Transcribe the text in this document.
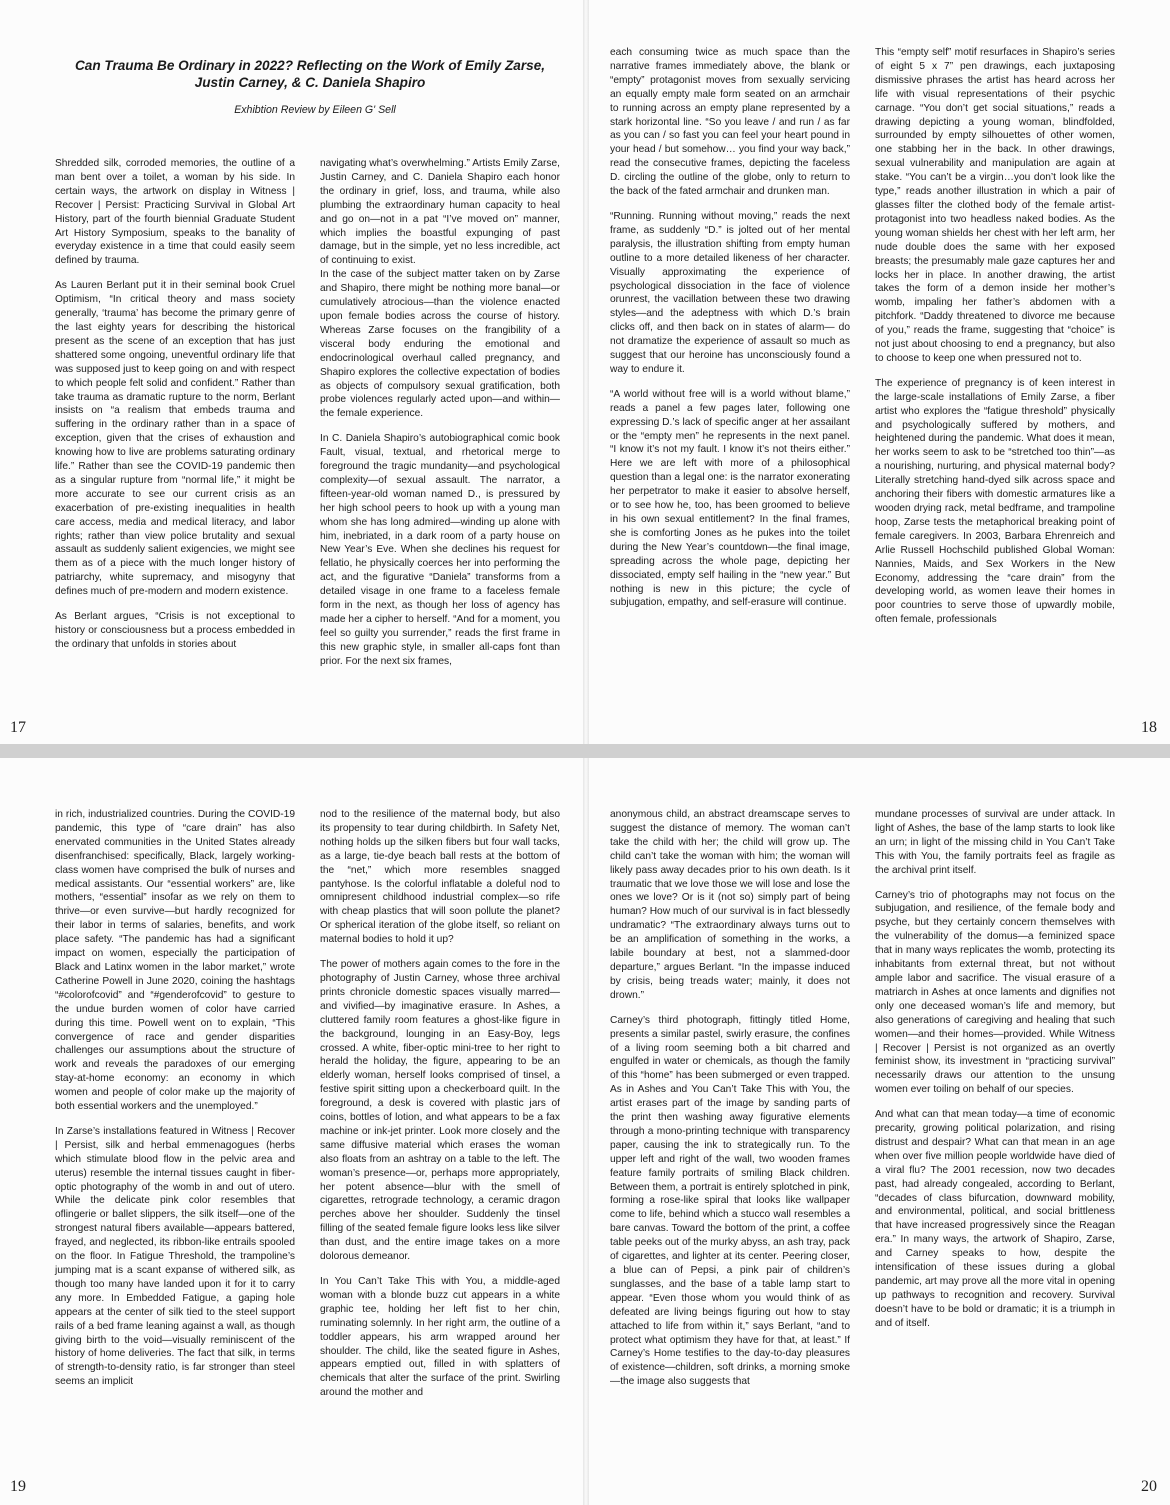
Can Trauma Be Ordinary in 2022? Reflecting on the Work of Emily Zarse, Justin Carney, & C. Daniela Shapiro
Exhibtion Review by Eileen G' Sell

Shredded silk, corroded memories, the outline of a man bent over a toilet, a woman by his side. In certain ways, the artwork on display in Witness | Recover | Persist: Practicing Survival in Global Art History, part of the fourth biennial Graduate Student Art History Symposium, speaks to the banality of everyday existence in a time that could easily seem defined by trauma.

As Lauren Berlant put it in their seminal book Cruel Optimism, “In critical theory and mass society generally, ‘trauma’ has become the primary genre of the last eighty years for describing the historical present as the scene of an exception that has just shattered some ongoing, uneventful ordinary life that was supposed just to keep going on and with respect to which people felt solid and confident.” Rather than take trauma as dramatic rupture to the norm, Berlant insists on “a realism that embeds trauma and suffering in the ordinary rather than in a space of exception, given that the crises of exhaustion and knowing how to live are problems saturating ordinary life.” Rather than see the COVID-19 pandemic then as a singular rupture from “normal life,” it might be more accurate to see our current crisis as an exacerbation of pre-existing inequalities in health care access, media and medical literacy, and labor rights; rather than view police brutality and sexual assault as suddenly salient exigencies, we might see them as of a piece with the much longer history of patriarchy, white supremacy, and misogyny that defines much of pre-modern and modern existence.

As Berlant argues, “Crisis is not exceptional to history or consciousness but a process embedded in the ordinary that unfolds in stories about

navigating what’s overwhelming.” Artists Emily Zarse, Justin Carney, and C. Daniela Shapiro each honor the ordinary in grief, loss, and trauma, while also plumbing the extraordinary human capacity to heal and go on—not in a pat “I’ve moved on” manner, which implies the boastful expunging of past damage, but in the simple, yet no less incredible, act of continuing to exist.
In the case of the subject matter taken on by Zarse and Shapiro, there might be nothing more banal—or cumulatively atrocious—than the violence enacted upon female bodies across the course of history. Whereas Zarse focuses on the frangibility of a visceral body enduring the emotional and endocrinological overhaul called pregnancy, and Shapiro explores the collective expectation of bodies as objects of compulsory sexual gratification, both probe violences regularly acted upon—and within—the female experience.

In C. Daniela Shapiro’s autobiographical comic book Fault, visual, textual, and rhetorical merge to foreground the tragic mundanity—and psychological complexity—of sexual assault. The narrator, a fifteen-year-old woman named D., is pressured by her high school peers to hook up with a young man whom she has long admired—winding up alone with him, inebriated, in a dark room of a party house on New Year’s Eve. When she declines his request for fellatio, he physically coerces her into performing the act, and the figurative “Daniela” transforms from a detailed visage in one frame to a faceless female form in the next, as though her loss of agency has made her a cipher to herself. “And for a moment, you feel so guilty you surrender,” reads the first frame in this new graphic style, in smaller all-caps font than prior. For the next six frames,

each consuming twice as much space than the narrative frames immediately above, the blank or “empty” protagonist moves from sexually servicing an equally empty male form seated on an armchair to running across an empty plane represented by a stark horizontal line. “So you leave / and run / as far as you can / so fast you can feel your heart pound in your head / but somehow… you find your way back,” read the consecutive frames, depicting the faceless D. circling the outline of the globe, only to return to the back of the fated armchair and drunken man.

“Running. Running without moving,” reads the next frame, as suddenly “D.” is jolted out of her mental paralysis, the illustration shifting from empty human outline to a more detailed likeness of her character. Visually approximating the experience of psychological dissociation in the face of violence orunrest, the vacillation between these two drawing styles—and the adeptness with which D.’s brain clicks off, and then back on in states of alarm— do not dramatize the experience of assault so much as suggest that our heroine has unconsciously found a way to endure it.

“A world without free will is a world without blame,” reads a panel a few pages later, following one expressing D.’s lack of specific anger at her assailant or the “empty men” he represents in the next panel. “I know it’s not my fault. I know it’s not theirs either.” Here we are left with more of a philosophical question than a legal one: is the narrator exonerating her perpetrator to make it easier to absolve herself, or to see how he, too, has been groomed to believe in his own sexual entitlement? In the final frames, she is comforting Jones as he pukes into the toilet during the New Year’s countdown—the final image, spreading across the whole page, depicting her dissociated, empty self hailing in the “new year.” But nothing is new in this picture; the cycle of subjugation, empathy, and self-erasure will continue.

This “empty self” motif resurfaces in Shapiro’s series of eight 5 x 7” pen drawings, each juxtaposing dismissive phrases the artist has heard across her life with visual representations of their psychic carnage. “You don’t get social situations,” reads a drawing depicting a young woman, blindfolded, surrounded by empty silhouettes of other women, one stabbing her in the back. In other drawings, sexual vulnerability and manipulation are again at stake. “You can’t be a virgin…you don’t look like the type,” reads another illustration in which a pair of glasses filter the clothed body of the female artist-protagonist into two headless naked bodies. As the young woman shields her chest with her left arm, her nude double does the same with her exposed breasts; the presumably male gaze captures her and locks her in place. In another drawing, the artist takes the form of a demon inside her mother’s womb, impaling her father’s abdomen with a pitchfork. “Daddy threatened to divorce me because of you,” reads the frame, suggesting that “choice” is not just about choosing to end a pregnancy, but also to choose to keep one when pressured not to.

The experience of pregnancy is of keen interest in the large-scale installations of Emily Zarse, a fiber artist who explores the “fatigue threshold” physically and psychologically suffered by mothers, and heightened during the pandemic. What does it mean, her works seem to ask to be “stretched too thin”—as a nourishing, nurturing, and physical maternal body? Literally stretching hand-dyed silk across space and anchoring their fibers with domestic armatures like a wooden drying rack, metal bedframe, and trampoline hoop, Zarse tests the metaphorical breaking point of female caregivers. In 2003, Barbara Ehrenreich and Arlie Russell Hochschild published Global Woman: Nannies, Maids, and Sex Workers in the New Economy, addressing the “care drain” from the developing world, as women leave their homes in poor countries to serve those of upwardly mobile, often female, professionals

17	18

in rich, industrialized countries. During the COVID-19 pandemic, this type of “care drain” has also enervated communities in the United States already disenfranchised: specifically, Black, largely working-class women have comprised the bulk of nurses and medical assistants. Our “essential workers” are, like mothers, “essential” insofar as we rely on them to thrive—or even survive—but hardly recognized for their labor in terms of salaries, benefits, and work place safety. “The pandemic has had a significant impact on women, especially the participation of Black and Latinx women in the labor market,” wrote Catherine Powell in June 2020, coining the hashtags “#colorofcovid” and “#genderofcovid” to gesture to the undue burden women of color have carried during this time. Powell went on to explain, “This convergence of race and gender disparities challenges our assumptions about the structure of work and reveals the paradoxes of our emerging stay-at-home economy: an economy in which women and people of color make up the majority of both essential workers and the unemployed.”

In Zarse’s installations featured in Witness | Recover | Persist, silk and herbal emmenagogues (herbs which stimulate blood flow in the pelvic area and uterus) resemble the internal tissues caught in fiber-optic photography of the womb in and out of utero. While the delicate pink color resembles that oflingerie or ballet slippers, the silk itself—one of the strongest natural fibers available—appears battered, frayed, and neglected, its ribbon-like entrails spooled on the floor. In Fatigue Threshold, the trampoline’s jumping mat is a scant expanse of withered silk, as though too many have landed upon it for it to carry any more. In Embedded Fatigue, a gaping hole appears at the center of silk tied to the steel support rails of a bed frame leaning against a wall, as though giving birth to the void—visually reminiscent of the history of home deliveries. The fact that silk, in terms of strength-to-density ratio, is far stronger than steel seems an implicit

nod to the resilience of the maternal body, but also its propensity to tear during childbirth. In Safety Net, nothing holds up the silken fibers but four wall tacks, as a large, tie-dye beach ball rests at the bottom of the “net,” which more resembles snagged pantyhose. Is the colorful inflatable a doleful nod to omnipresent childhood industrial complex—so rife with cheap plastics that will soon pollute the planet? Or spherical iteration of the globe itself, so reliant on maternal bodies to hold it up?

The power of mothers again comes to the fore in the photography of Justin Carney, whose three archival prints chronicle domestic spaces visually marred—and vivified—by imaginative erasure. In Ashes, a cluttered family room features a ghost-like figure in the background, lounging in an Easy-Boy, legs crossed. A white, fiber-optic mini-tree to her right to herald the holiday, the figure, appearing to be an elderly woman, herself looks comprised of tinsel, a festive spirit sitting upon a checkerboard quilt. In the foreground, a desk is covered with plastic jars of coins, bottles of lotion, and what appears to be a fax machine or ink-jet printer. Look more closely and the same diffusive material which erases the woman also floats from an ashtray on a table to the left. The woman’s presence—or, perhaps more appropriately, her potent absence—blur with the smell of cigarettes, retrograde technology, a ceramic dragon perches above her shoulder. Suddenly the tinsel filling of the seated female figure looks less like silver than dust, and the entire image takes on a more dolorous demeanor.

In You Can’t Take This with You, a middle-aged woman with a blonde buzz cut appears in a white graphic tee, holding her left fist to her chin, ruminating solemnly. In her right arm, the outline of a toddler appears, his arm wrapped around her shoulder. The child, like the seated figure in Ashes, appears emptied out, filled in with splatters of chemicals that alter the surface of the print. Swirling around the mother and

anonymous child, an abstract dreamscape serves to suggest the distance of memory. The woman can’t take the child with her; the child will grow up. The child can’t take the woman with him; the woman will likely pass away decades prior to his own death. Is it traumatic that we love those we will lose and lose the ones we love? Or is it (not so) simply part of being human? How much of our survival is in fact blessedly undramatic? “The extraordinary always turns out to be an amplification of something in the works, a labile boundary at best, not a slammed-door departure,” argues Berlant. “In the impasse induced by crisis, being treads water; mainly, it does not drown.”

Carney’s third photograph, fittingly titled Home, presents a similar pastel, swirly erasure, the confines of a living room seeming both a bit charred and engulfed in water or chemicals, as though the family of this “home” has been submerged or even trapped. As in Ashes and You Can’t Take This with You, the artist erases part of the image by sanding parts of the print then washing away figurative elements through a mono-printing technique with transparency paper, causing the ink to strategically run. To the upper left and right of the wall, two wooden frames feature family portraits of smiling Black children. Between them, a portrait is entirely splotched in pink, forming a rose-like spiral that looks like wallpaper come to life, behind which a stucco wall resembles a bare canvas. Toward the bottom of the print, a coffee table peeks out of the murky abyss, an ash tray, pack of cigarettes, and lighter at its center. Peering closer, a blue can of Pepsi, a pink pair of children’s sunglasses, and the base of a table lamp start to appear. “Even those whom you would think of as defeated are living beings figuring out how to stay attached to life from within it,” says Berlant, “and to protect what optimism they have for that, at least.” If Carney’s Home testifies to the day-to-day pleasures of existence—children, soft drinks, a morning smoke—the image also suggests that

mundane processes of survival are under attack. In light of Ashes, the base of the lamp starts to look like an urn; in light of the missing child in You Can’t Take This with You, the family portraits feel as fragile as the archival print itself.

Carney’s trio of photographs may not focus on the subjugation, and resilience, of the female body and psyche, but they certainly concern themselves with the vulnerability of the domus—a feminized space that in many ways replicates the womb, protecting its inhabitants from external threat, but not without ample labor and sacrifice. The visual erasure of a matriarch in Ashes at once laments and dignifies not only one deceased woman’s life and memory, but also generations of caregiving and healing that such women—and their homes—provided. While Witness | Recover | Persist is not organized as an overtly feminist show, its investment in “practicing survival” necessarily draws our attention to the unsung women ever toiling on behalf of our species.

And what can that mean today—a time of economic precarity, growing political polarization, and rising distrust and despair? What can that mean in an age when over five million people worldwide have died of a viral flu? The 2001 recession, now two decades past, had already congealed, according to Berlant, “decades of class bifurcation, downward mobility, and environmental, political, and social brittleness that have increased progressively since the Reagan era.” In many ways, the artwork of Shapiro, Zarse, and Carney speaks to how, despite the intensification of these issues during a global pandemic, art may prove all the more vital in opening up pathways to recognition and recovery. Survival doesn’t have to be bold or dramatic; it is a triumph in and of itself.

19	20
